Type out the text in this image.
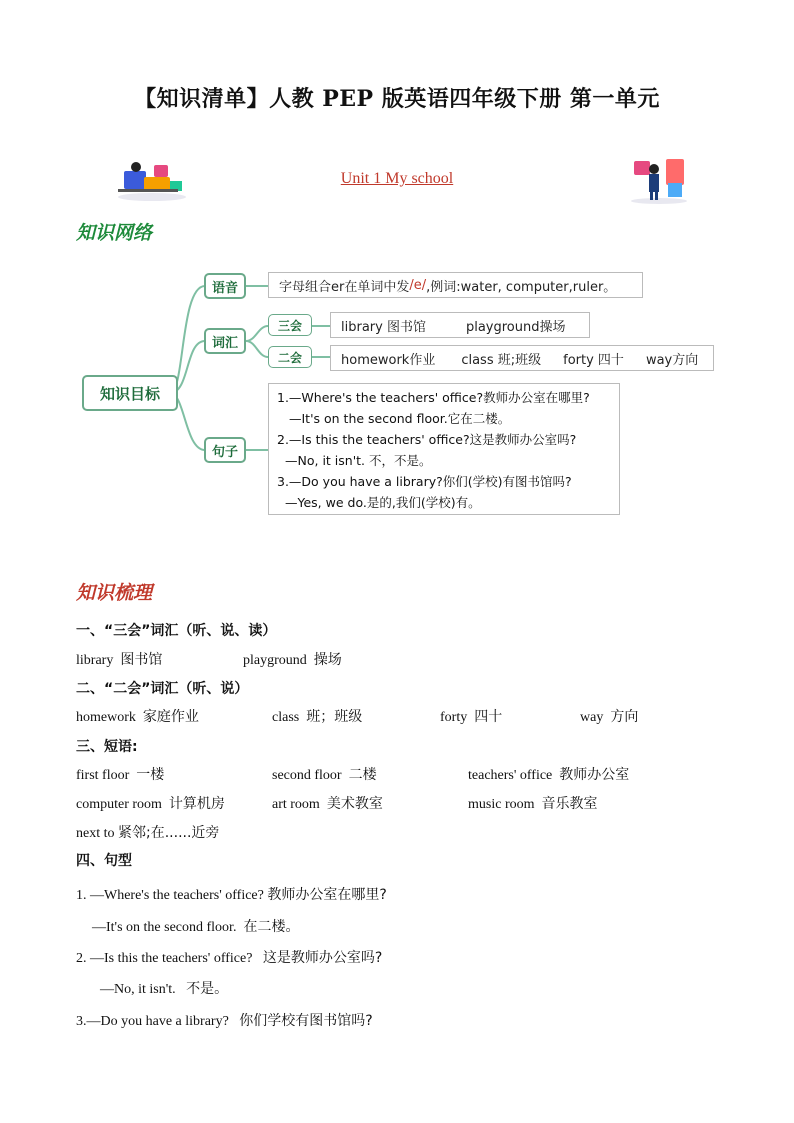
【知识清单】人教 PEP 版英语四年级下册 第一单元
Unit 1 My school
知识网络
知识目标
语音
词汇
句子
字母组合er在单词中发 /e/ ,例词:water, computer,ruler。
三会
二会
library 图书馆	playground操场
homework作业 class 班;班级 forty 四十 way方向
1.—Where's the teachers' office?教师办公室在哪里?
—It's on the second floor.它在二楼。
2.—Is this the teachers' office?这是教师办公室吗?
—No, it isn't. 不，不是。
3.—Do you have a library?你们(学校)有图书馆吗?
—Yes, we do.是的,我们(学校)有。
知识梳理
一、“三会”词汇（听、说、读）
library 图书馆	playground 操场
二、“二会”词汇（听、说）
homework 家庭作业	class 班；班级	forty 四十	way 方向
三、短语:
first floor 一楼	second floor 二楼	teachers' office 教师办公室
computer room 计算机房	art room 美术教室	music room 音乐教室
next to 紧邻;在......近旁
四、句型
1. —Where's the teachers' office? 教师办公室在哪里?
—It's on the second floor. 在二楼。
2. —Is this the teachers' office? 这是教师办公室吗?
—No, it isn't. 不是。
3.—Do you have a library? 你们学校有图书馆吗?
